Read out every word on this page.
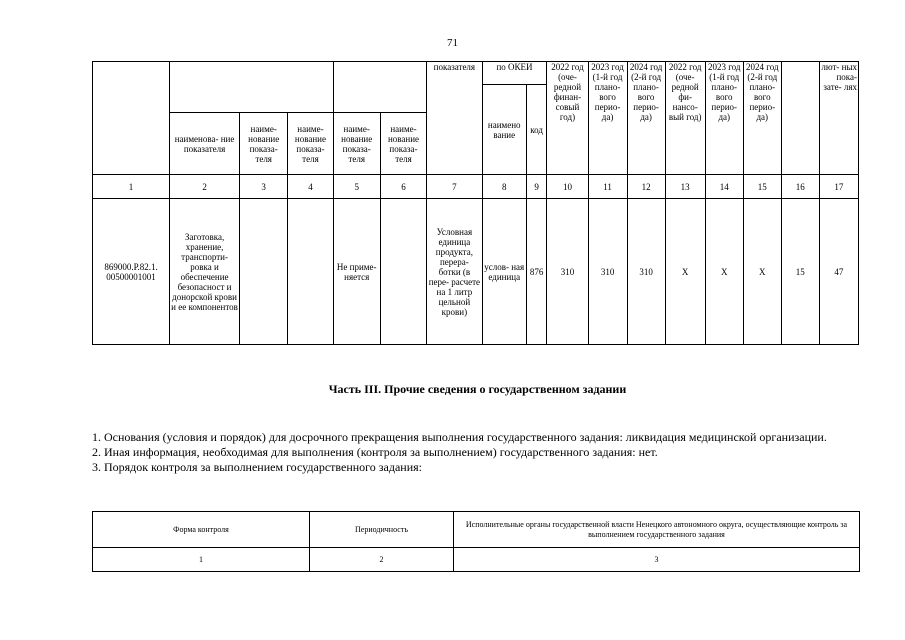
71
						показателя	по ОКЕИ		2022 год (оче- редной финан- совый год)	2023 год (1-й год плано- вого перио- да)	2024 год (2-й год плано- вого перио- да)	2022 год (оче- редной фи- нансо- вый год)	2023 год (1-й год плано- вого перио- да)	2024 год (2-й год плано- вого перио- да)		лют- ных пока- зате- лях
							наимено вание	код								
	наименова- ние показателя	наиме- нование показа- теля	наиме- нование показа- теля	наиме- нование показа- теля	наиме- нование показа- теля											
1	2	3	4	5	6	7	8	9	10	11	12	13	14	15	16	17
869000.Р.82.1. 00500001001	Заготовка, хранение, транспорти- ровка и обеспечение безопасност и донорской крови и ее компонентов			Не приме- няется		Условная единица продукта, перера- ботки (в пере- расчете на 1 литр цельной крови)	услов- ная единица	876	310	310	310	Х	Х	Х	15	47
Часть III. Прочие сведения о государственном задании

1. Основания (условия и порядок) для досрочного прекращения выполнения государственного задания: ликвидация медицинской организации.

2. Иная информация, необходимая для выполнения (контроля за выполнением) государственного задания: нет.

3. Порядок контроля за выполнением государственного задания:

Форма контроля	Периодичность	Исполнительные органы государственной власти Ненецкого автономного округа, осуществляющие контроль за выполнением государственного задания
1	2	3
